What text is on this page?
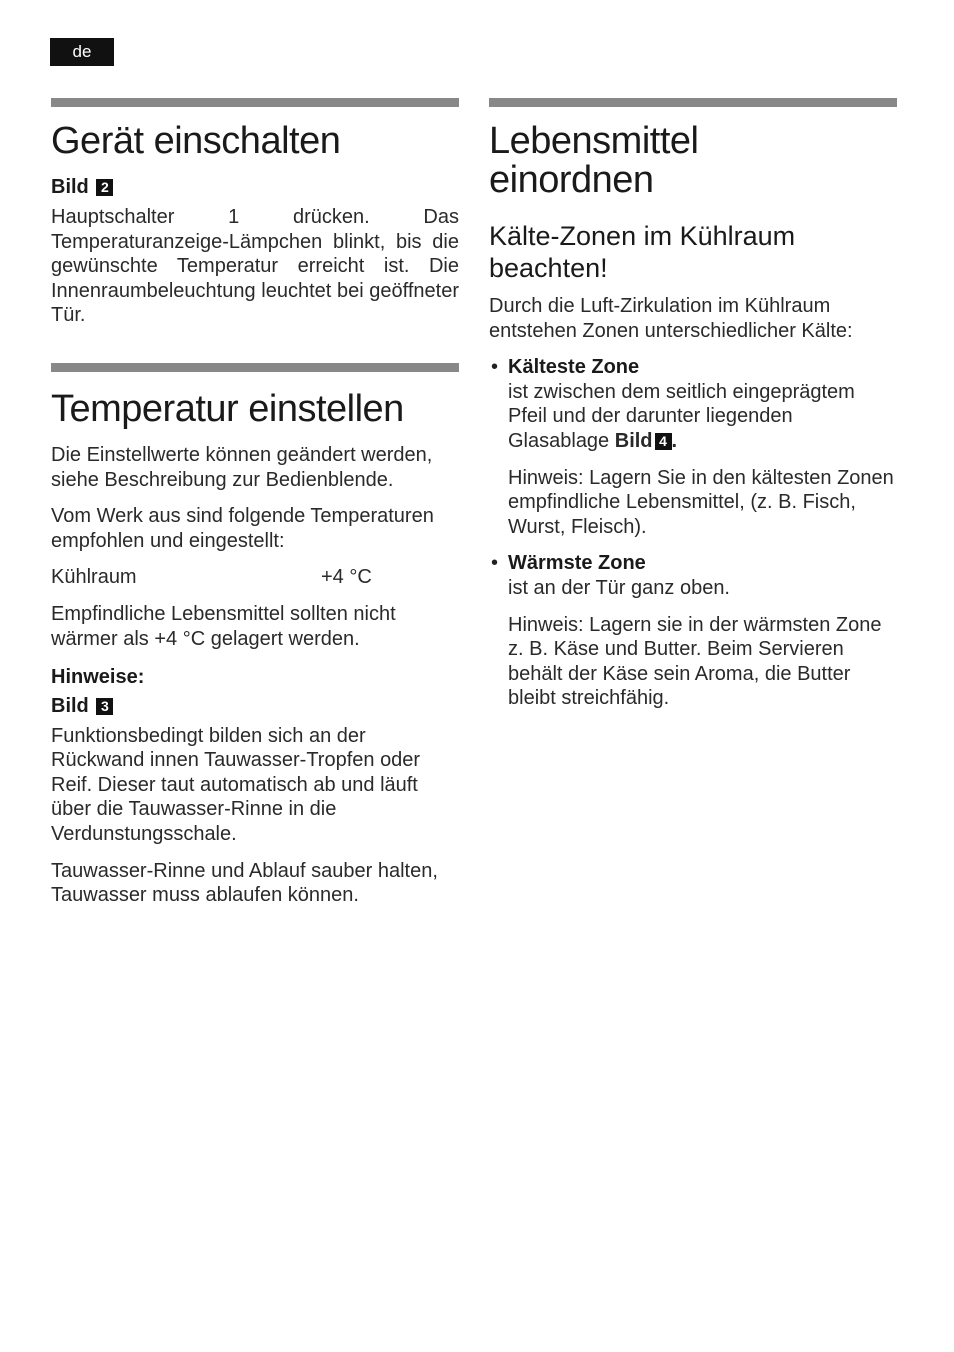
de
Gerät einschalten
Bild 2

Hauptschalter 1 drücken. Das Temperaturanzeige-Lämpchen blinkt, bis die gewünschte Temperatur erreicht ist. Die Innenraumbeleuchtung leuchtet bei geöffneter Tür.

Temperatur einstellen

Die Einstellwerte können geändert werden, siehe Beschreibung zur Bedienblende.

Vom Werk aus sind folgende Temperaturen empfohlen und eingestellt:

Kühlraum	+4 °C

Empfindliche Lebensmittel sollten nicht wärmer als +4 °C gelagert werden.

Hinweise:
Bild 3

Funktionsbedingt bilden sich an der Rückwand innen Tauwasser-Tropfen oder Reif. Dieser taut automatisch ab und läuft über die Tauwasser-Rinne in die Verdunstungsschale.

Tauwasser-Rinne und Ablauf sauber halten, Tauwasser muss ablaufen können.

Lebensmittel
einordnen
Kälte-Zonen im Kühlraum
beachten!

Durch die Luft-Zirkulation im Kühlraum entstehen Zonen unterschiedlicher Kälte:

• Kälteste Zone

ist zwischen dem seitlich eingeprägtem Pfeil und der darunter liegenden Glasablage Bild 4 .

Hinweis: Lagern Sie in den kältesten Zonen empfindliche Lebensmittel, (z. B. Fisch, Wurst, Fleisch).

• Wärmste Zone

ist an der Tür ganz oben.

Hinweis: Lagern sie in der wärmsten Zone z. B. Käse und Butter. Beim Servieren behält der Käse sein Aroma, die Butter bleibt streichfähig.
